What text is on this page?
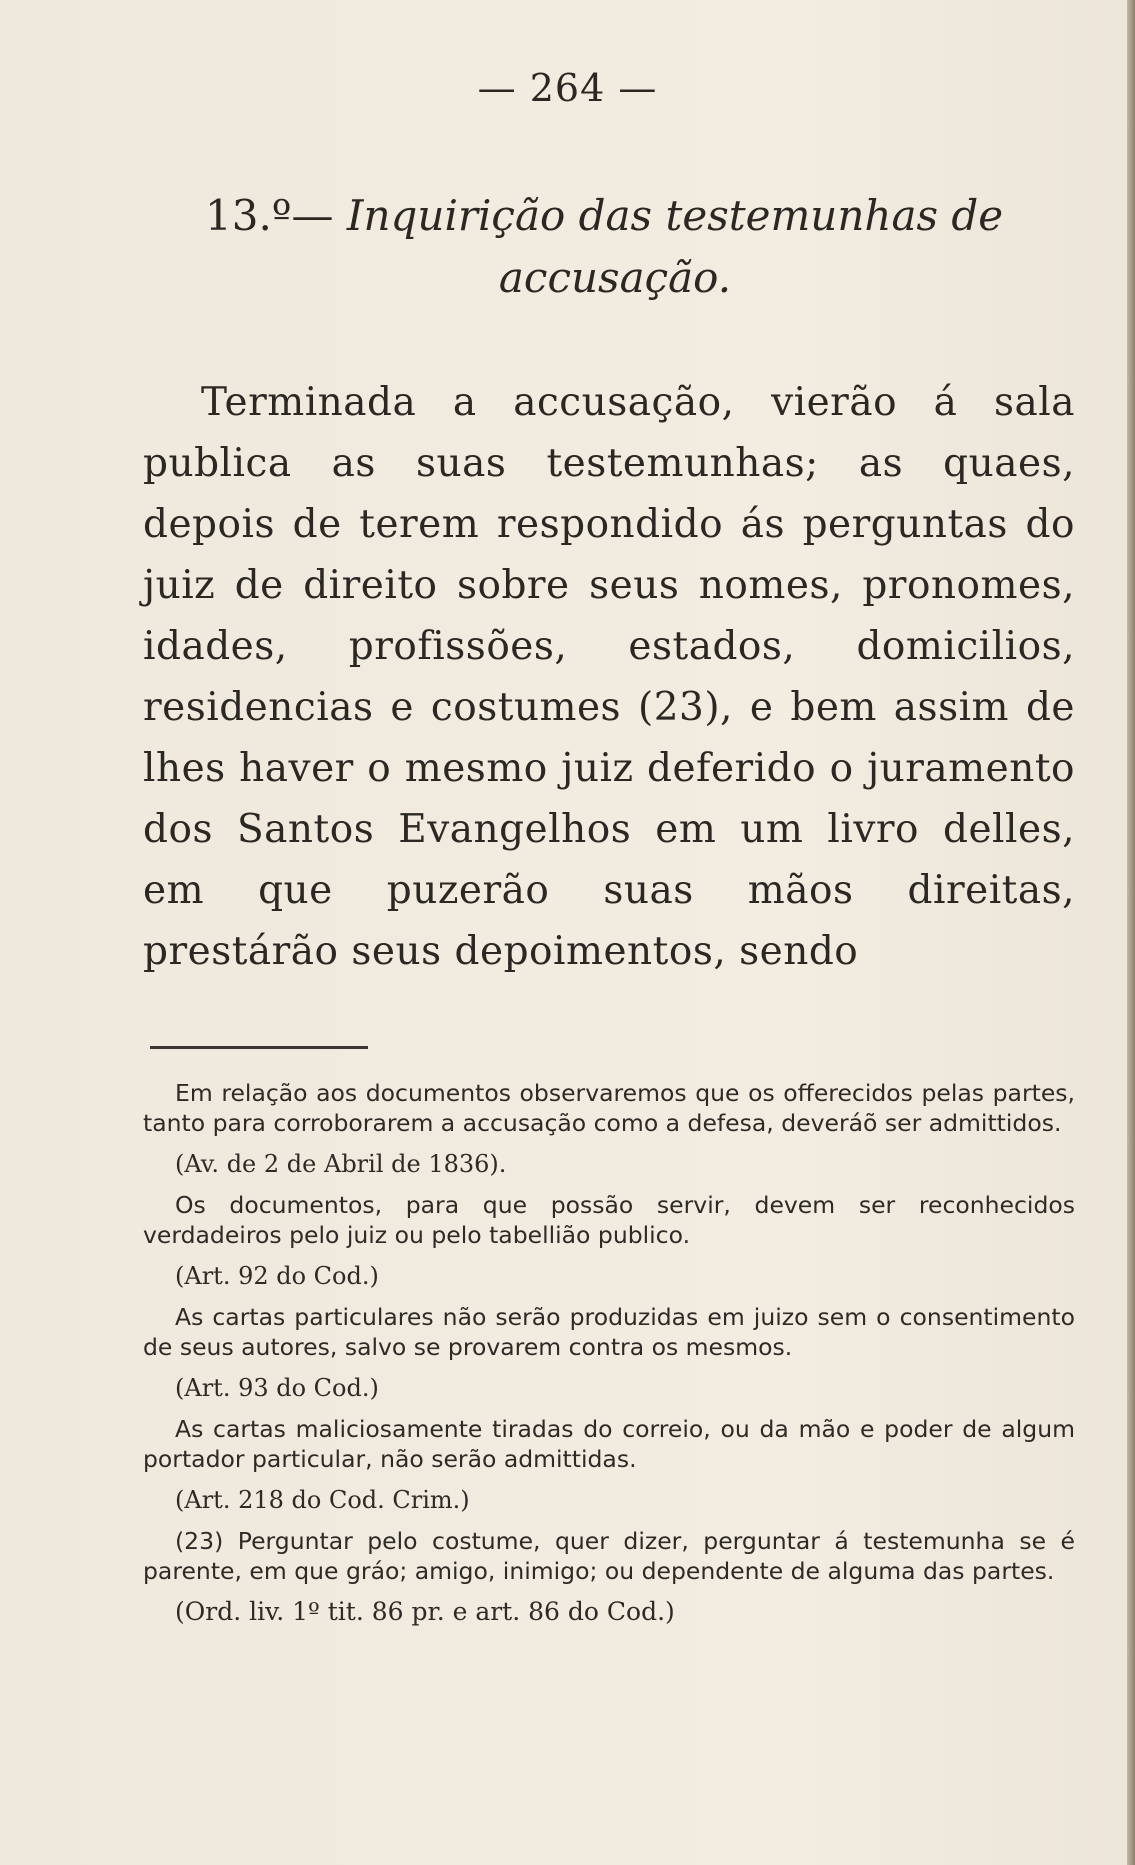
— 264 —
13.º— Inquirição das testemunhas de
accusação.
Terminada a accusação, vierão á sala publica as suas testemunhas; as quaes, depois de terem respondido ás perguntas do juiz de direito sobre seus nomes, pronomes, idades, profissões, estados, domicilios, residencias e costumes (23), e bem assim de lhes haver o mesmo juiz deferido o juramento dos Santos Evangelhos em um livro delles, em que puzerão suas mãos direitas, prestárão seus depoimentos, sendo

Em relação aos documentos observaremos que os offerecidos pelas partes, tanto para corroborarem a accusação como a defesa, deveráõ ser admittidos.

(Av. de 2 de Abril de 1836).

Os documentos, para que possão servir, devem ser reconhecidos verdadeiros pelo juiz ou pelo tabellião publico.

(Art. 92 do Cod.)

As cartas particulares não serão produzidas em juizo sem o consentimento de seus autores, salvo se provarem contra os mesmos.

(Art. 93 do Cod.)

As cartas maliciosamente tiradas do correio, ou da mão e poder de algum portador particular, não serão admittidas.

(Art. 218 do Cod. Crim.)

(23) Perguntar pelo costume, quer dizer, perguntar á testemunha se é parente, em que gráo; amigo, inimigo; ou dependente de alguma das partes.

(Ord. liv. 1º tit. 86 pr. e art. 86 do Cod.)
